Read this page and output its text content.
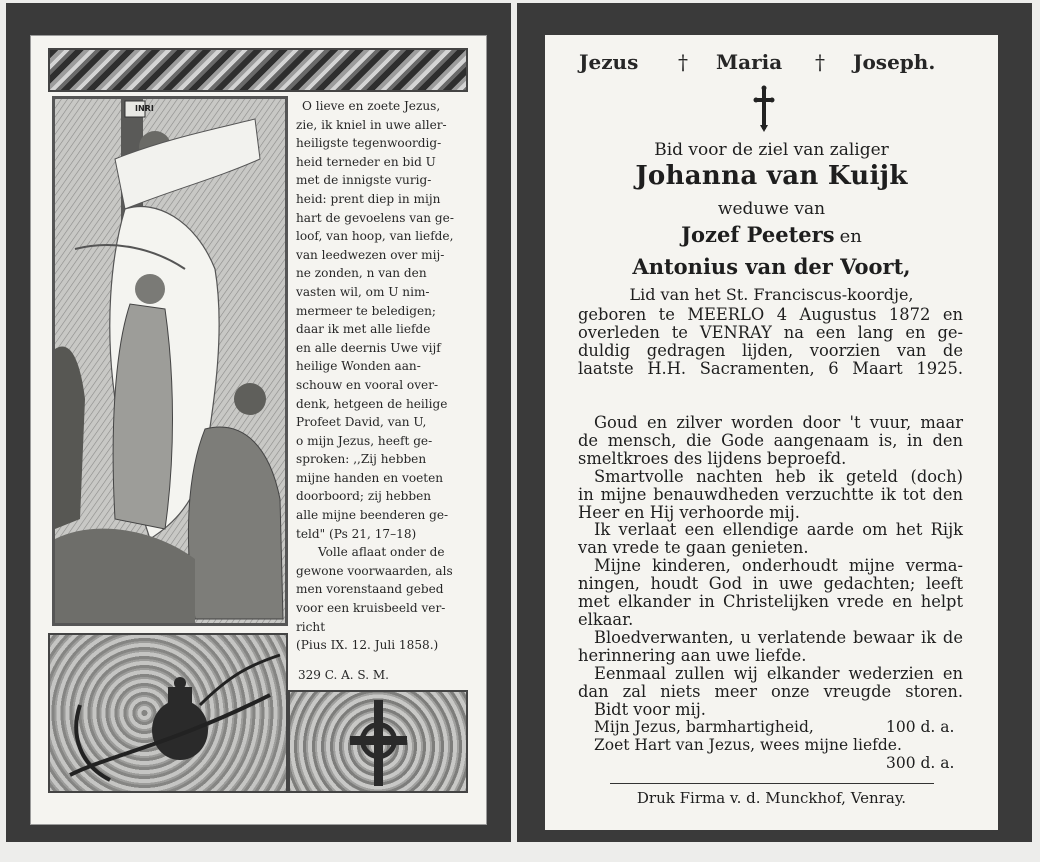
INRI	O lieve en zoete Jezus,
zie, ik kniel in uwe aller-
heiligste tegenwoordig-
heid terneder en bid U
met de innigste vurig-
heid: prent diep in mijn
hart de gevoelens van ge-
loof, van hoop, van liefde,
van leedwezen over mij-
ne zonden, n van den
vasten wil, om U nim-
mermeer te beledigen;
daar ik met alle liefde
en alle deernis Uwe vijf
heilige Wonden aan-
schouw en vooral over-
denk, hetgeen de heilige
Profeet David, van U,
o mijn Jezus, heeft ge-
sproken: ,,Zij hebben
mijne handen en voeten
doorboord; zij hebben
alle mijne beenderen ge-
teld" (Ps 21, 17–18)
Volle aflaat onder de
gewone voorwaarden, als
men vorenstaand gebed
voor een kruisbeeld ver-
richt
(Pius IX. 12. Juli 1858.)
329 C. A. S. M.
Jezus † Maria † Joseph.

Bid voor de ziel van zaliger

Johanna van Kuijk

weduwe van

Jozef Peeters en

Antonius van der Voort,

Lid van het St. Franciscus-koordje,

geboren te MEERLO 4 Augustus 1872 en
overleden te VENRAY na een lang en ge-
duldig gedragen lijden, voorzien van de
laatste H.H. Sacramenten, 6 Maart 1925.
Goud en zilver worden door 't vuur, maar
de mensch, die Gode aangenaam is, in den
smeltkroes des lijdens beproefd.
Smartvolle nachten heb ik geteld (doch)
in mijne benauwdheden verzuchtte ik tot den
Heer en Hij verhoorde mij.
Ik verlaat een ellendige aarde om het Rijk
van vrede te gaan genieten.
Mijne kinderen, onderhoudt mijne verma-
ningen, houdt God in uwe gedachten; leeft
met elkander in Christelijken vrede en helpt
elkaar.
Bloedverwanten, u verlatende bewaar ik de
herinnering aan uwe liefde.
Eenmaal zullen wij elkander wederzien en
dan zal niets meer onze vreugde storen.
Bidt voor mij.
Mijn Jezus, barmhartigheid,	100 d. a.
Zoet Hart van Jezus, wees mijne liefde.
300 d. a.

Druk Firma v. d. Munckhof, Venray.
